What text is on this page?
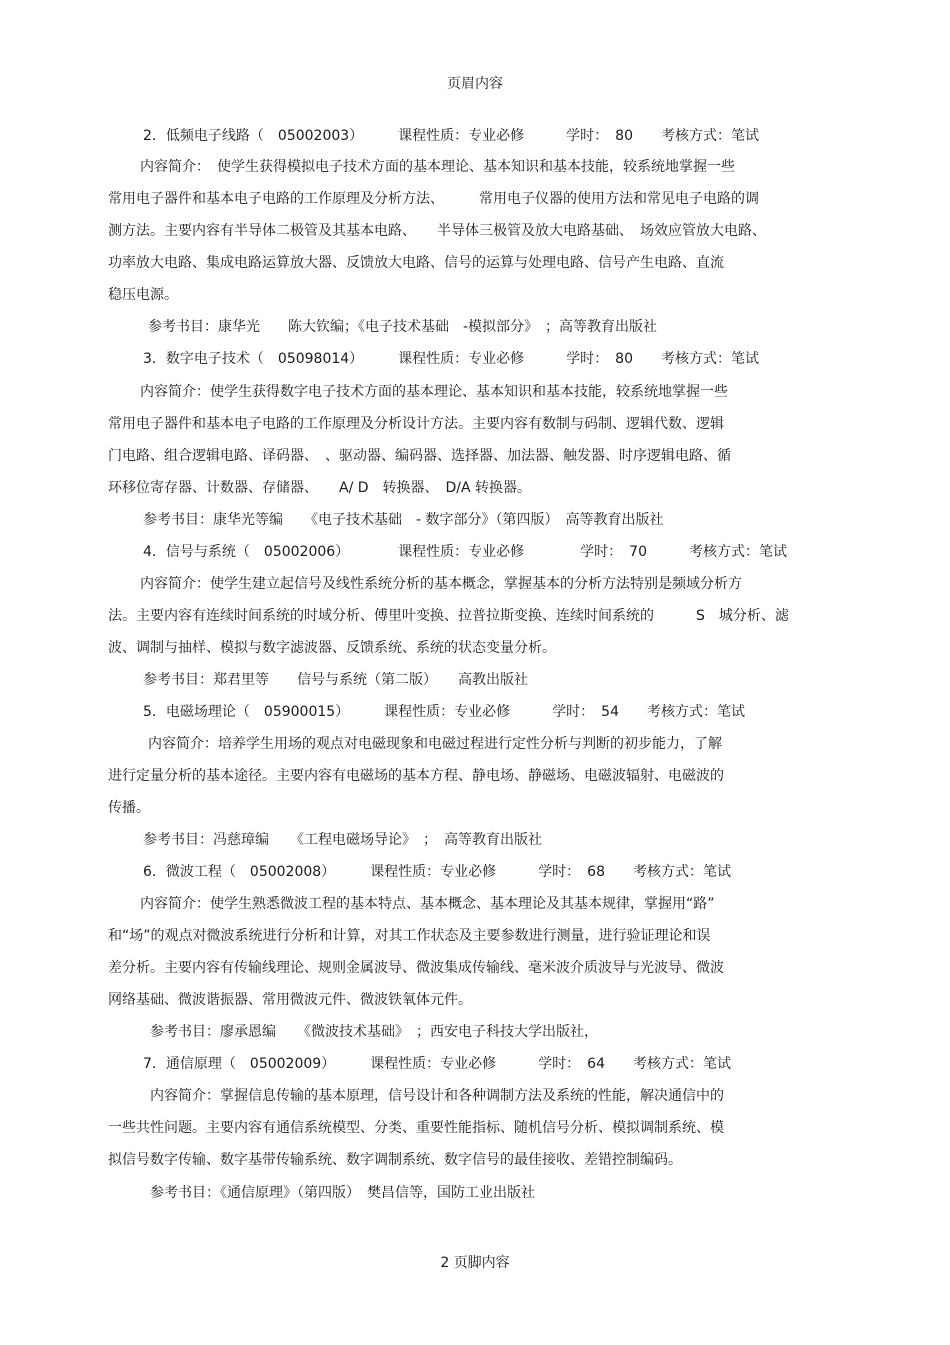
页眉内容
2．低频电子线路（　05002003）　　　课程性质：专业必修　　　学时：　80　　考核方式：笔试
内容简介：　使学生获得模拟电子技术方面的基本理论、基本知识和基本技能，较系统地掌握一些
常用电子器件和基本电子电路的工作原理及分析方法、　　　常用电子仪器的使用方法和常见电子电路的调
测方法。主要内容有半导体二极管及其基本电路、　　半导体三极管及放大电路基础、　场效应管放大电路、
功率放大电路、集成电路运算放大器、反馈放大电路、信号的运算与处理电路、信号产生电路、直流
稳压电源。
参考书目：康华光　　陈大钦编；《电子技术基础　-模拟部分》　；高等教育出版社
3．数字电子技术（　05098014）　　　课程性质：专业必修　　　学时：　80　　考核方式：笔试
内容简介：使学生获得数字电子技术方面的基本理论、基本知识和基本技能，较系统地掌握一些
常用电子器件和基本电子电路的工作原理及分析设计方法。主要内容有数制与码制、逻辑代数、逻辑
门电路、组合逻辑电路、译码器、　、驱动器、编码器、选择器、加法器、触发器、时序逻辑电路、循
环移位寄存器、计数器、存储器、　　A/ D　转换器、　D/A 转换器。
参考书目：康华光等编　　《电子技术基础　- 数字部分》（第四版）　高等教育出版社
4．信号与系统（　05002006）　　　　课程性质：专业必修　　　　学时：　70　　　考核方式：笔试
内容简介：使学生建立起信号及线性系统分析的基本概念，掌握基本的分析方法特别是频域分析方
法。主要内容有连续时间系统的时域分析、傅里叶变换、拉普拉斯变换、连续时间系统的　　　S　城分析、滤
波、调制与抽样、模拟与数字滤波器、反馈系统、系统的状态变量分析。
参考书目：郑君里等　　信号与系统（第二版）　　高教出版社
5．电磁场理论（　05900015）　　　课程性质：专业必修　　　学时：　54　　考核方式：笔试
内容简介：培养学生用场的观点对电磁现象和电磁过程进行定性分析与判断的初步能力，了解
进行定量分析的基本途径。主要内容有电磁场的基本方程、静电场、静磁场、电磁波辐射、电磁波的
传播。
参考书目：冯慈璋编　　《工程电磁场导论》　；　高等教育出版社
6．微波工程（　05002008）　　　课程性质：专业必修　　　学时：　68　　考核方式：笔试
内容简介：使学生熟悉微波工程的基本特点、基本概念、基本理论及其基本规律，掌握用“路”
和“场”的观点对微波系统进行分析和计算，对其工作状态及主要参数进行测量，进行验证理论和误
差分析。主要内容有传输线理论、规则金属波导、微波集成传输线、毫米波介质波导与光波导、微波
网络基础、微波谐振器、常用微波元件、微波铁氧体元件。
参考书目：廖承恩编　　《微波技术基础》　；西安电子科技大学出版社，
7．通信原理（　05002009）　　　课程性质：专业必修　　　学时：　64　　考核方式：笔试
内容简介：掌握信息传输的基本原理，信号设计和各种调制方法及系统的性能，解决通信中的
一些共性问题。主要内容有通信系统模型、分类、重要性能指标、随机信号分析、模拟调制系统、模
拟信号数字传输、数字基带传输系统、数字调制系统、数字信号的最佳接收、差错控制编码。
参考书目：《通信原理》（第四版）　樊昌信等，国防工业出版社
2 页脚内容
